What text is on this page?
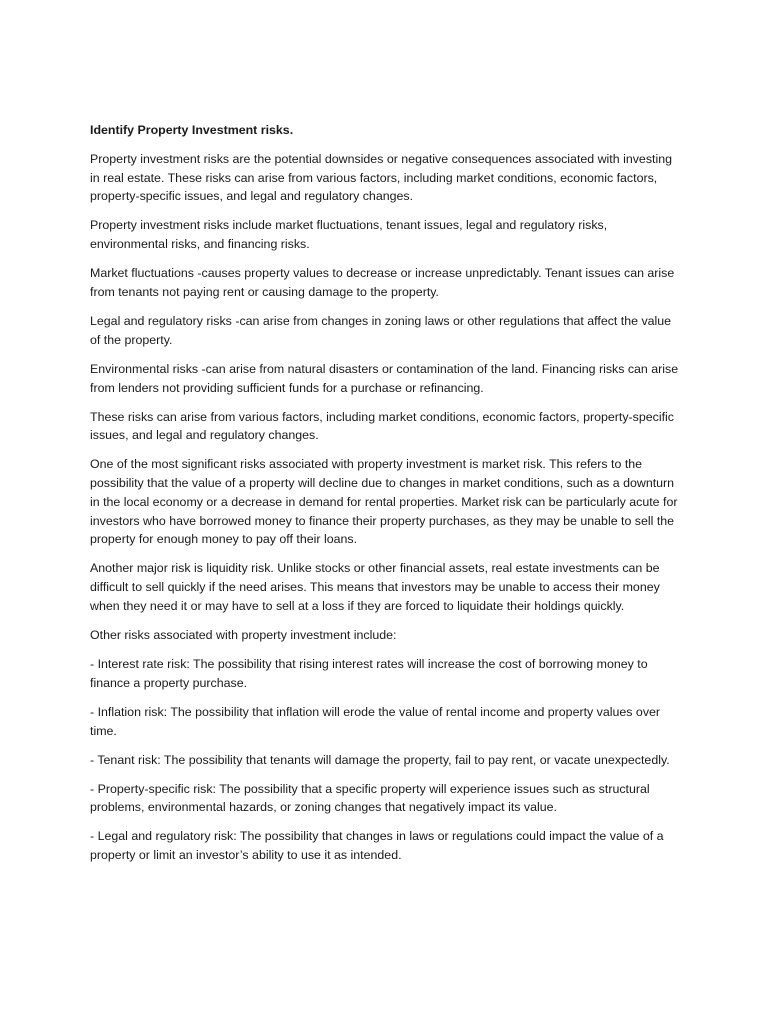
Identify Property Investment risks.

Property investment risks are the potential downsides or negative consequences associated with investing in real estate. These risks can arise from various factors, including market conditions, economic factors, property-specific issues, and legal and regulatory changes.

Property investment risks include market fluctuations, tenant issues, legal and regulatory risks, environmental risks, and financing risks.

Market fluctuations -causes property values to decrease or increase unpredictably. Tenant issues can arise from tenants not paying rent or causing damage to the property.

Legal and regulatory risks -can arise from changes in zoning laws or other regulations that affect the value of the property.

Environmental risks -can arise from natural disasters or contamination of the land. Financing risks can arise from lenders not providing sufficient funds for a purchase or refinancing.

These risks can arise from various factors, including market conditions, economic factors, property-specific issues, and legal and regulatory changes.

One of the most significant risks associated with property investment is market risk. This refers to the possibility that the value of a property will decline due to changes in market conditions, such as a downturn in the local economy or a decrease in demand for rental properties. Market risk can be particularly acute for investors who have borrowed money to finance their property purchases, as they may be unable to sell the property for enough money to pay off their loans.

Another major risk is liquidity risk. Unlike stocks or other financial assets, real estate investments can be difficult to sell quickly if the need arises. This means that investors may be unable to access their money when they need it or may have to sell at a loss if they are forced to liquidate their holdings quickly.

Other risks associated with property investment include:

- Interest rate risk: The possibility that rising interest rates will increase the cost of borrowing money to finance a property purchase.

- Inflation risk: The possibility that inflation will erode the value of rental income and property values over time.

- Tenant risk: The possibility that tenants will damage the property, fail to pay rent, or vacate unexpectedly.

- Property-specific risk: The possibility that a specific property will experience issues such as structural problems, environmental hazards, or zoning changes that negatively impact its value.

- Legal and regulatory risk: The possibility that changes in laws or regulations could impact the value of a property or limit an investor’s ability to use it as intended.
